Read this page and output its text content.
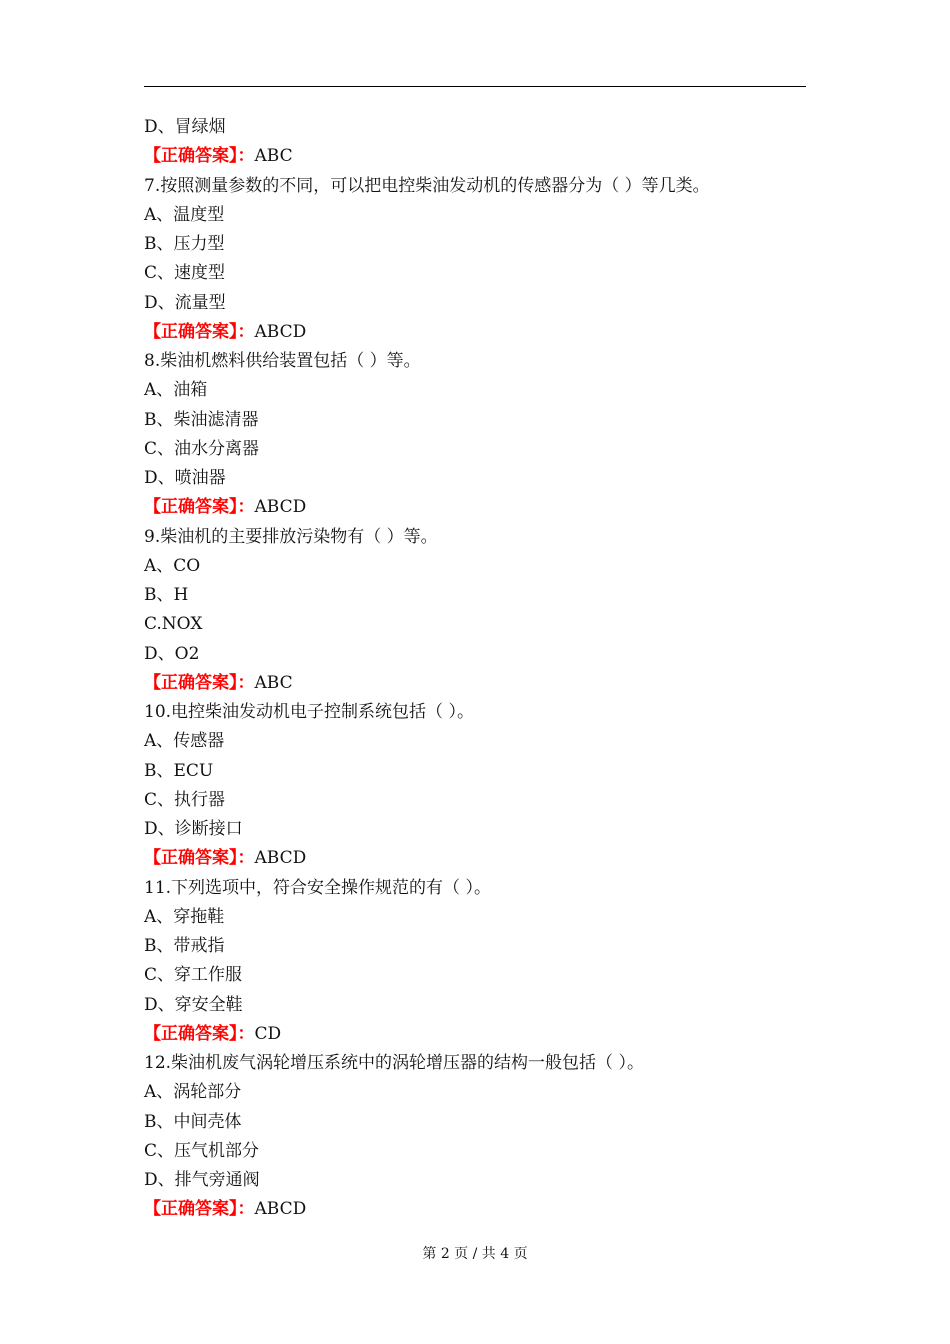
D、冒绿烟
【正确答案】：ABC
7.按照测量参数的不同，可以把电控柴油发动机的传感器分为（ ）等几类。
A、温度型
B、压力型
C、速度型
D、流量型
【正确答案】：ABCD
8.柴油机燃料供给装置包括（ ）等。
A、油箱
B、柴油滤清器
C、油水分离器
D、喷油器
【正确答案】：ABCD
9.柴油机的主要排放污染物有（ ）等。
A、CO
B、H
C.NOX
D、O2
【正确答案】：ABC
10.电控柴油发动机电子控制系统包括（ ）。
A、传感器
B、ECU
C、执行器
D、诊断接口
【正确答案】：ABCD
11.下列选项中，符合安全操作规范的有（ ）。
A、穿拖鞋
B、带戒指
C、穿工作服
D、穿安全鞋
【正确答案】：CD
12.柴油机废气涡轮增压系统中的涡轮增压器的结构一般包括（ ）。
A、涡轮部分
B、中间壳体
C、压气机部分
D、排气旁通阀
【正确答案】：ABCD
第 2 页 / 共 4 页
